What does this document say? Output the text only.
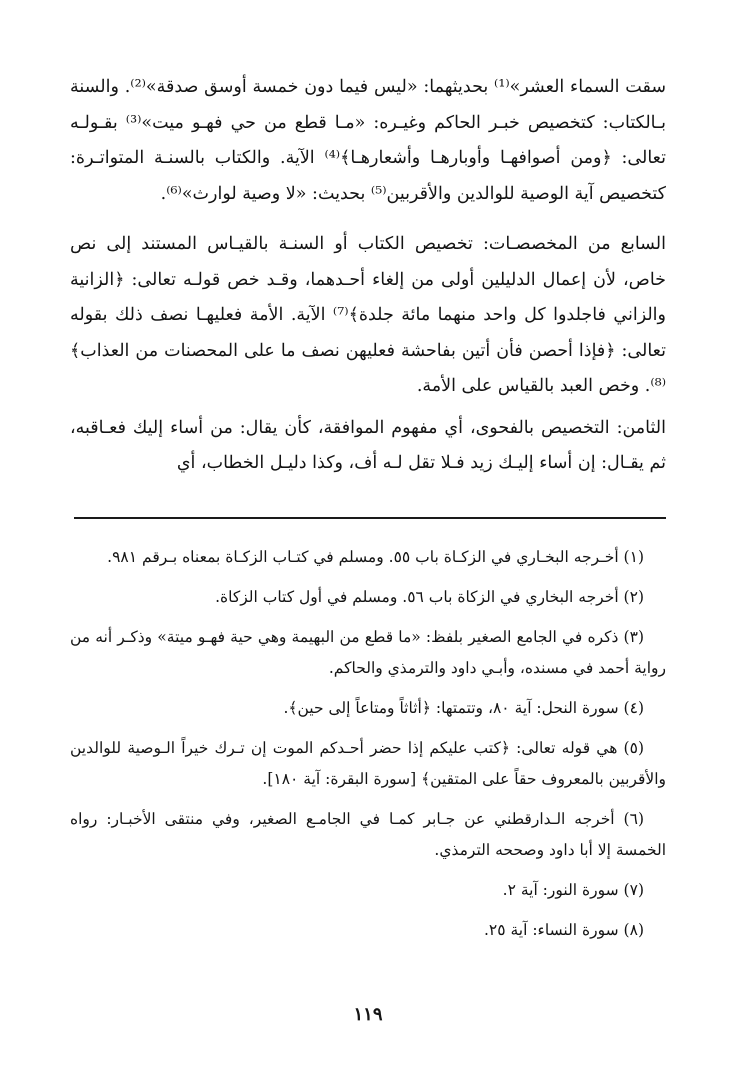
سقت السماء العشر»⁽¹⁾ بحديثهما: «ليس فيما دون خمسة أوسق صدقة»⁽²⁾. والسنة بـالكتاب: كتخصيص خبـر الحاكم وغيـره: «مـا قطع من حي فهـو ميت»⁽³⁾ بقـولـه تعالى: ﴿ومن أصوافهـا وأوبارهـا وأشعارهـا﴾⁽⁴⁾ الآية. والكتاب بالسنـة المتواتـرة: كتخصيص آية الوصية للوالدين والأقربين⁽⁵⁾ بحديث: «لا وصية لوارث»⁽⁶⁾.

السابع من المخصصـات: تخصيص الكتاب أو السنـة بالقيـاس المستند إلى نص خاص، لأن إعمال الدليلين أولى من إلغاء أحـدهما، وقـد خص قولـه تعالى: ﴿الزانية والزاني فاجلدوا كل واحد منهما مائة جلدة﴾⁽⁷⁾ الآية. الأمة فعليهـا نصف ذلك بقوله تعالى: ﴿فإذا أحصن فأن أتين بفاحشة فعليهن نصف ما على المحصنات من العذاب﴾⁽⁸⁾. وخص العبد بالقياس على الأمة.

الثامن: التخصيص بالفحوى، أي مفهوم الموافقة، كأن يقال: من أساء إليك فعـاقبه، ثم يقـال: إن أساء إليـك زيد فـلا تقل لـه أف، وكذا دليـل الخطاب، أي

(١) أخـرجه البخـاري في الزكـاة باب ٥٥. ومسلم في كتـاب الزكـاة بمعناه بـرقم ٩٨١.

(٢) أخرجه البخاري في الزكاة باب ٥٦. ومسلم في أول كتاب الزكاة.

(٣) ذكره في الجامع الصغير بلفظ: «ما قطع من البهيمة وهي حية فهـو ميتة» وذكـر أنه من رواية أحمد في مسنده، وأبـي داود والترمذي والحاكم.

(٤) سورة النحل: آية ٨٠، وتتمتها: ﴿أثاثاً ومتاعاً إلى حين﴾.

(٥) هي قوله تعالى: ﴿كتب عليكم إذا حضر أحـدكم الموت إن تـرك خيراً الـوصية للوالدين والأقربين بالمعروف حقاً على المتقين﴾ [سورة البقرة: آية ١٨٠].

(٦) أخرجه الـدارقطني عن جـابر كمـا في الجامـع الصغير، وفي منتقى الأخبـار: رواه الخمسة إلا أبا داود وصححه الترمذي.

(٧) سورة النور: آية ٢.

(٨) سورة النساء: آية ٢٥.

١١٩
